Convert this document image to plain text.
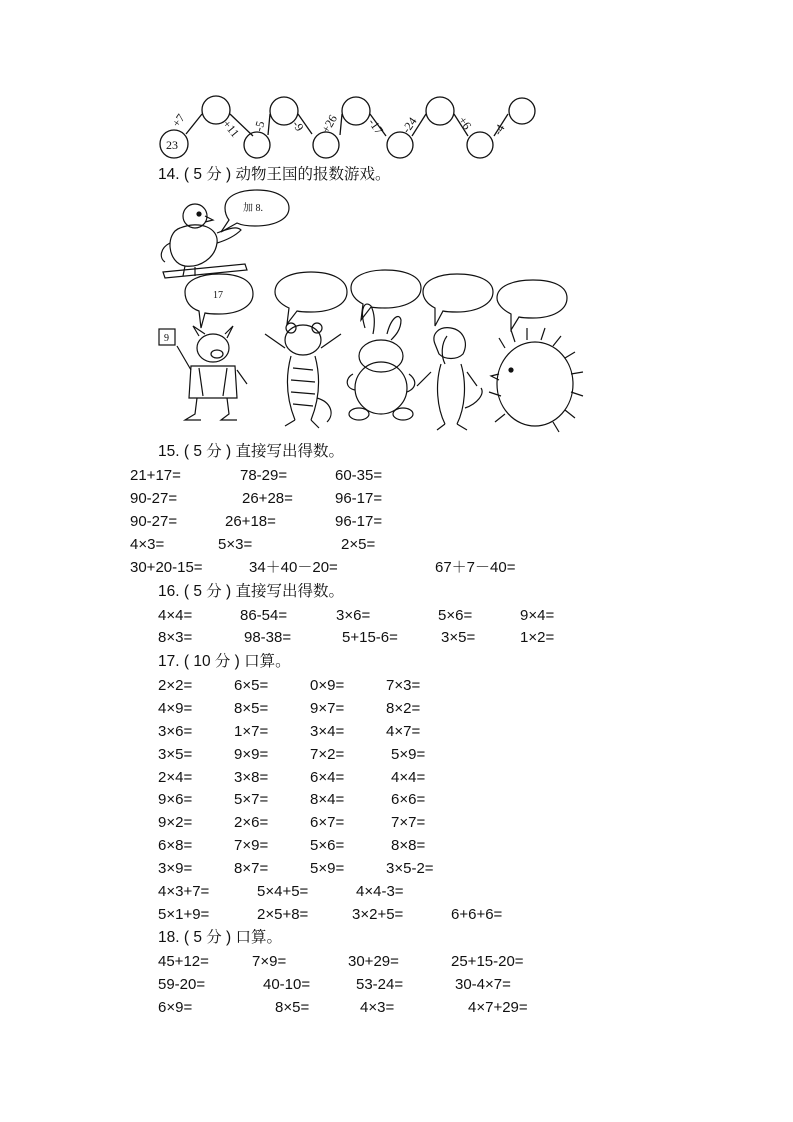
23
+7	+11 -5 -9 +26 -17 -24	+6 -4
14. ( 5 分 ) 动物王国的报数游戏。
加 8.
17
9
15. ( 5 分 ) 直接写出得数。
21+17=	78-29=	60-35=
90-27=	26+28=	96-17=
90-27=	26+18=	96-17=
4×3=	5×3=	2×5=
30+20-15=	34＋40－20=	67＋7－40=
16. ( 5 分 ) 直接写出得数。
4×4=	86-54=	3×6=	5×6=	9×4=
8×3=	98-38=	5+15-6=	3×5=	1×2=
17. ( 10 分 ) 口算。
2×2=	6×5=	0×9=	7×3=
4×9=	8×5=	9×7=	8×2=
3×6=	1×7=	3×4=	4×7=
3×5=	9×9=	7×2=	5×9=
2×4=	3×8=	6×4=	4×4=
9×6=	5×7=	8×4=	6×6=
9×2=	2×6=	6×7=	7×7=
6×8=	7×9=	5×6=	8×8=
3×9=	8×7=	5×9=	3×5-2=
4×3+7=	5×4+5=	4×4-3=
5×1+9=	2×5+8=	3×2+5=	6+6+6=
18. ( 5 分 ) 口算。
45+12=	7×9=	30+29=	25+15-20=
59-20=	40-10=	53-24=	30-4×7=
6×9=	8×5=	4×3=	4×7+29=
